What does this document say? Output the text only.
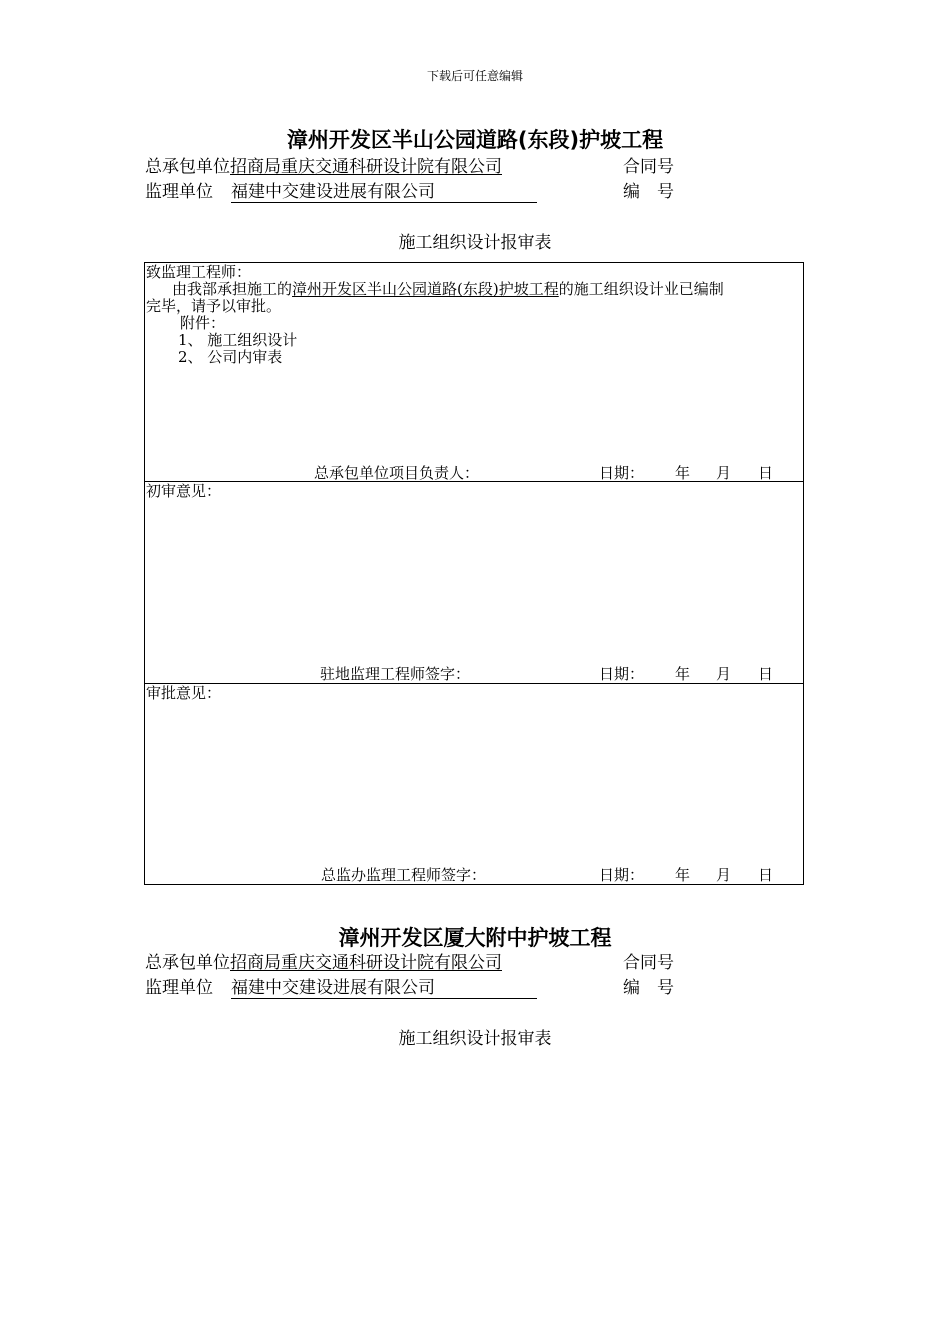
下载后可任意编辑
漳州开发区半山公园道路(东段)护坡工程
总承包单位招商局重庆交通科研设计院有限公司	合同号
监理单位 福建中交建设进展有限公司	编　号
施工组织设计报审表
致监理工程师：
由我部承担施工的漳州开发区半山公园道路(东段)护坡工程的施工组织设计业已编制
完毕，请予以审批。
附件：
1、 施工组织设计
2、 公司内审表
总承包单位项目负责人：	日期： 年 月 日
初审意见：
驻地监理工程师签字：	日期： 年 月 日
审批意见：
总监办监理工程师签字：	日期： 年 月 日
漳州开发区厦大附中护坡工程
总承包单位招商局重庆交通科研设计院有限公司	合同号
监理单位 福建中交建设进展有限公司	编　号
施工组织设计报审表
